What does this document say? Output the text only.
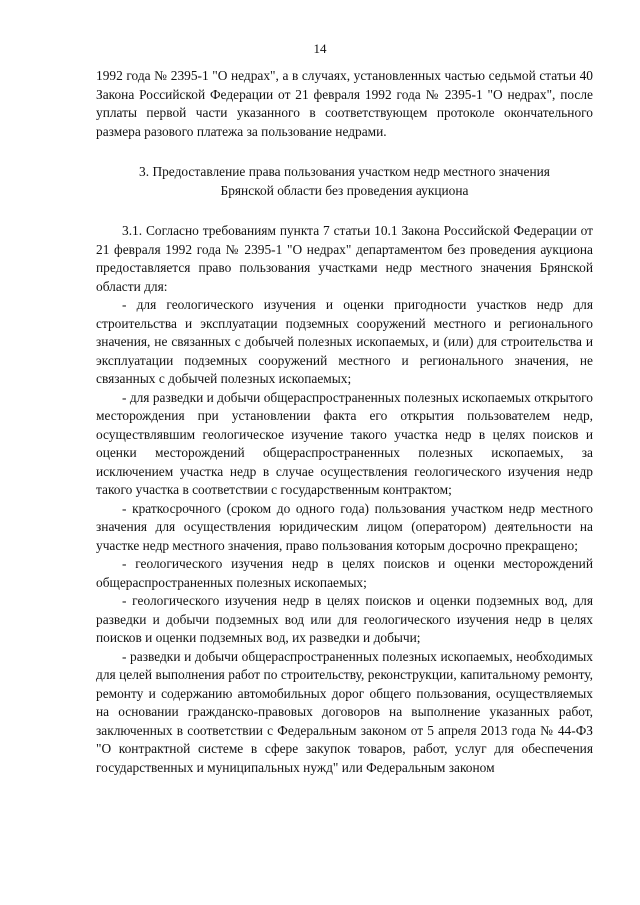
14

1992 года № 2395-1 "О недрах", а в случаях, установленных частью седьмой статьи 40 Закона Российской Федерации от 21 февраля 1992 года № 2395-1 "О недрах", после уплаты первой части указанного в соответствующем протоколе окончательного размера разового платежа за пользование недрами.

3. Предоставление права пользования участком недр местного значения
Брянской области без проведения аукциона

3.1. Согласно требованиям пункта 7 статьи 10.1 Закона Российской Федерации от 21 февраля 1992 года № 2395-1 "О недрах" департаментом без проведения аукциона предоставляется право пользования участками недр местного значения Брянской области для:

- для геологического изучения и оценки пригодности участков недр для строительства и эксплуатации подземных сооружений местного и регионального значения, не связанных с добычей полезных ископаемых, и (или) для строительства и эксплуатации подземных сооружений местного и регионального значения, не связанных с добычей полезных ископаемых;

- для разведки и добычи общераспространенных полезных ископаемых открытого месторождения при установлении факта его открытия пользователем недр, осуществлявшим геологическое изучение такого участка недр в целях поисков и оценки месторождений общераспространенных полезных ископаемых, за исключением участка недр в случае осуществления геологического изучения недр такого участка в соответствии с государственным контрактом;

- краткосрочного (сроком до одного года) пользования участком недр местного значения для осуществления юридическим лицом (оператором) деятельности на участке недр местного значения, право пользования которым досрочно прекращено;

- геологического изучения недр в целях поисков и оценки месторождений общераспространенных полезных ископаемых;

- геологического изучения недр в целях поисков и оценки подземных вод, для разведки и добычи подземных вод или для геологического изучения недр в целях поисков и оценки подземных вод, их разведки и добычи;

- разведки и добычи общераспространенных полезных ископаемых, необходимых для целей выполнения работ по строительству, реконструкции, капитальному ремонту, ремонту и содержанию автомобильных дорог общего пользования, осуществляемых на основании гражданско-правовых договоров на выполнение указанных работ, заключенных в соответствии с Федеральным законом от 5 апреля 2013 года № 44-ФЗ "О контрактной системе в сфере закупок товаров, работ, услуг для обеспечения государственных и муниципальных нужд" или Федеральным законом
